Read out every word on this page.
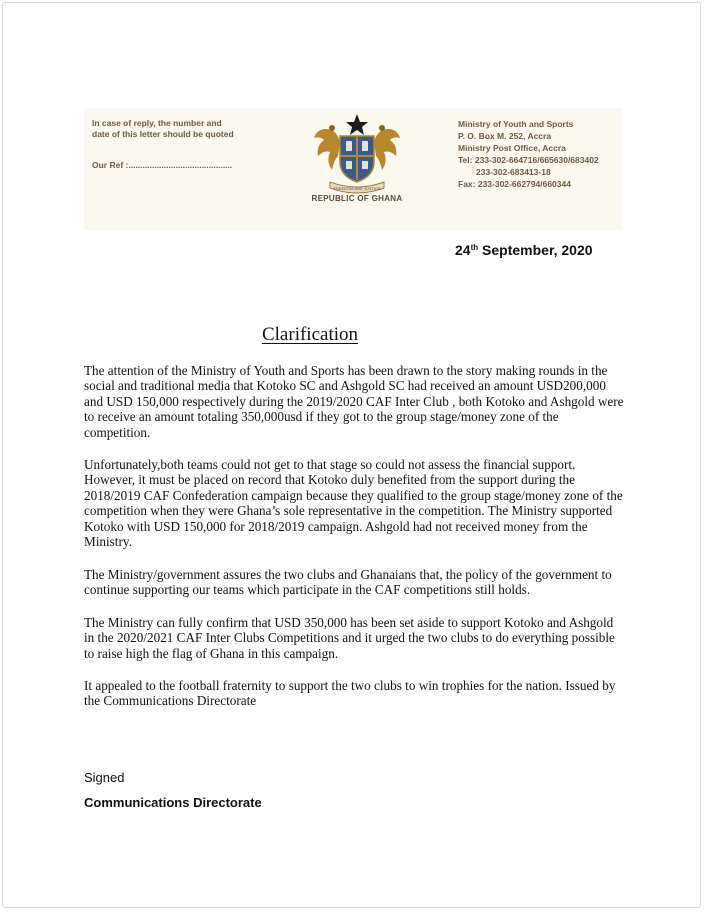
In case of reply, the number and
date of this letter should be quoted
Our Ref :............................................
FREEDOM AND JUSTICE
REPUBLIC OF GHANA
Ministry of Youth and Sports
P. O. Box M. 252, Accra
Ministry Post Office, Accra
Tel: 233-302-664716/665630/683402
233-302-683413-18
Fax: 233-302-662794/660344
24th September, 2020
Clarification

The attention of the Ministry of Youth and Sports has been drawn to the story making rounds in the social and traditional media that Kotoko SC and Ashgold SC had received an amount USD200,000 and USD 150,000 respectively during the 2019/2020 CAF Inter Club , both Kotoko and Ashgold were to receive an amount totaling 350,000usd if they got to the group stage/money zone of the competition.

Unfortunately,both teams could not get to that stage so could not assess the financial support. However, it must be placed on record that Kotoko duly benefited from the support during the 2018/2019 CAF Confederation campaign because they qualified to the group stage/money zone of the competition when they were Ghana’s sole representative in the competition. The Ministry supported Kotoko with USD 150,000 for 2018/2019 campaign. Ashgold had not received money from the Ministry.

The Ministry/government assures the two clubs and Ghanaians that, the policy of the government to continue supporting our teams which participate in the CAF competitions still holds.

The Ministry can fully confirm that USD 350,000 has been set aside to support Kotoko and Ashgold in the 2020/2021 CAF Inter Clubs Competitions and it urged the two clubs to do everything possible to raise high the flag of Ghana in this campaign.

It appealed to the football fraternity to support the two clubs to win trophies for the nation. Issued by the Communications Directorate

Signed
Communications Directorate
